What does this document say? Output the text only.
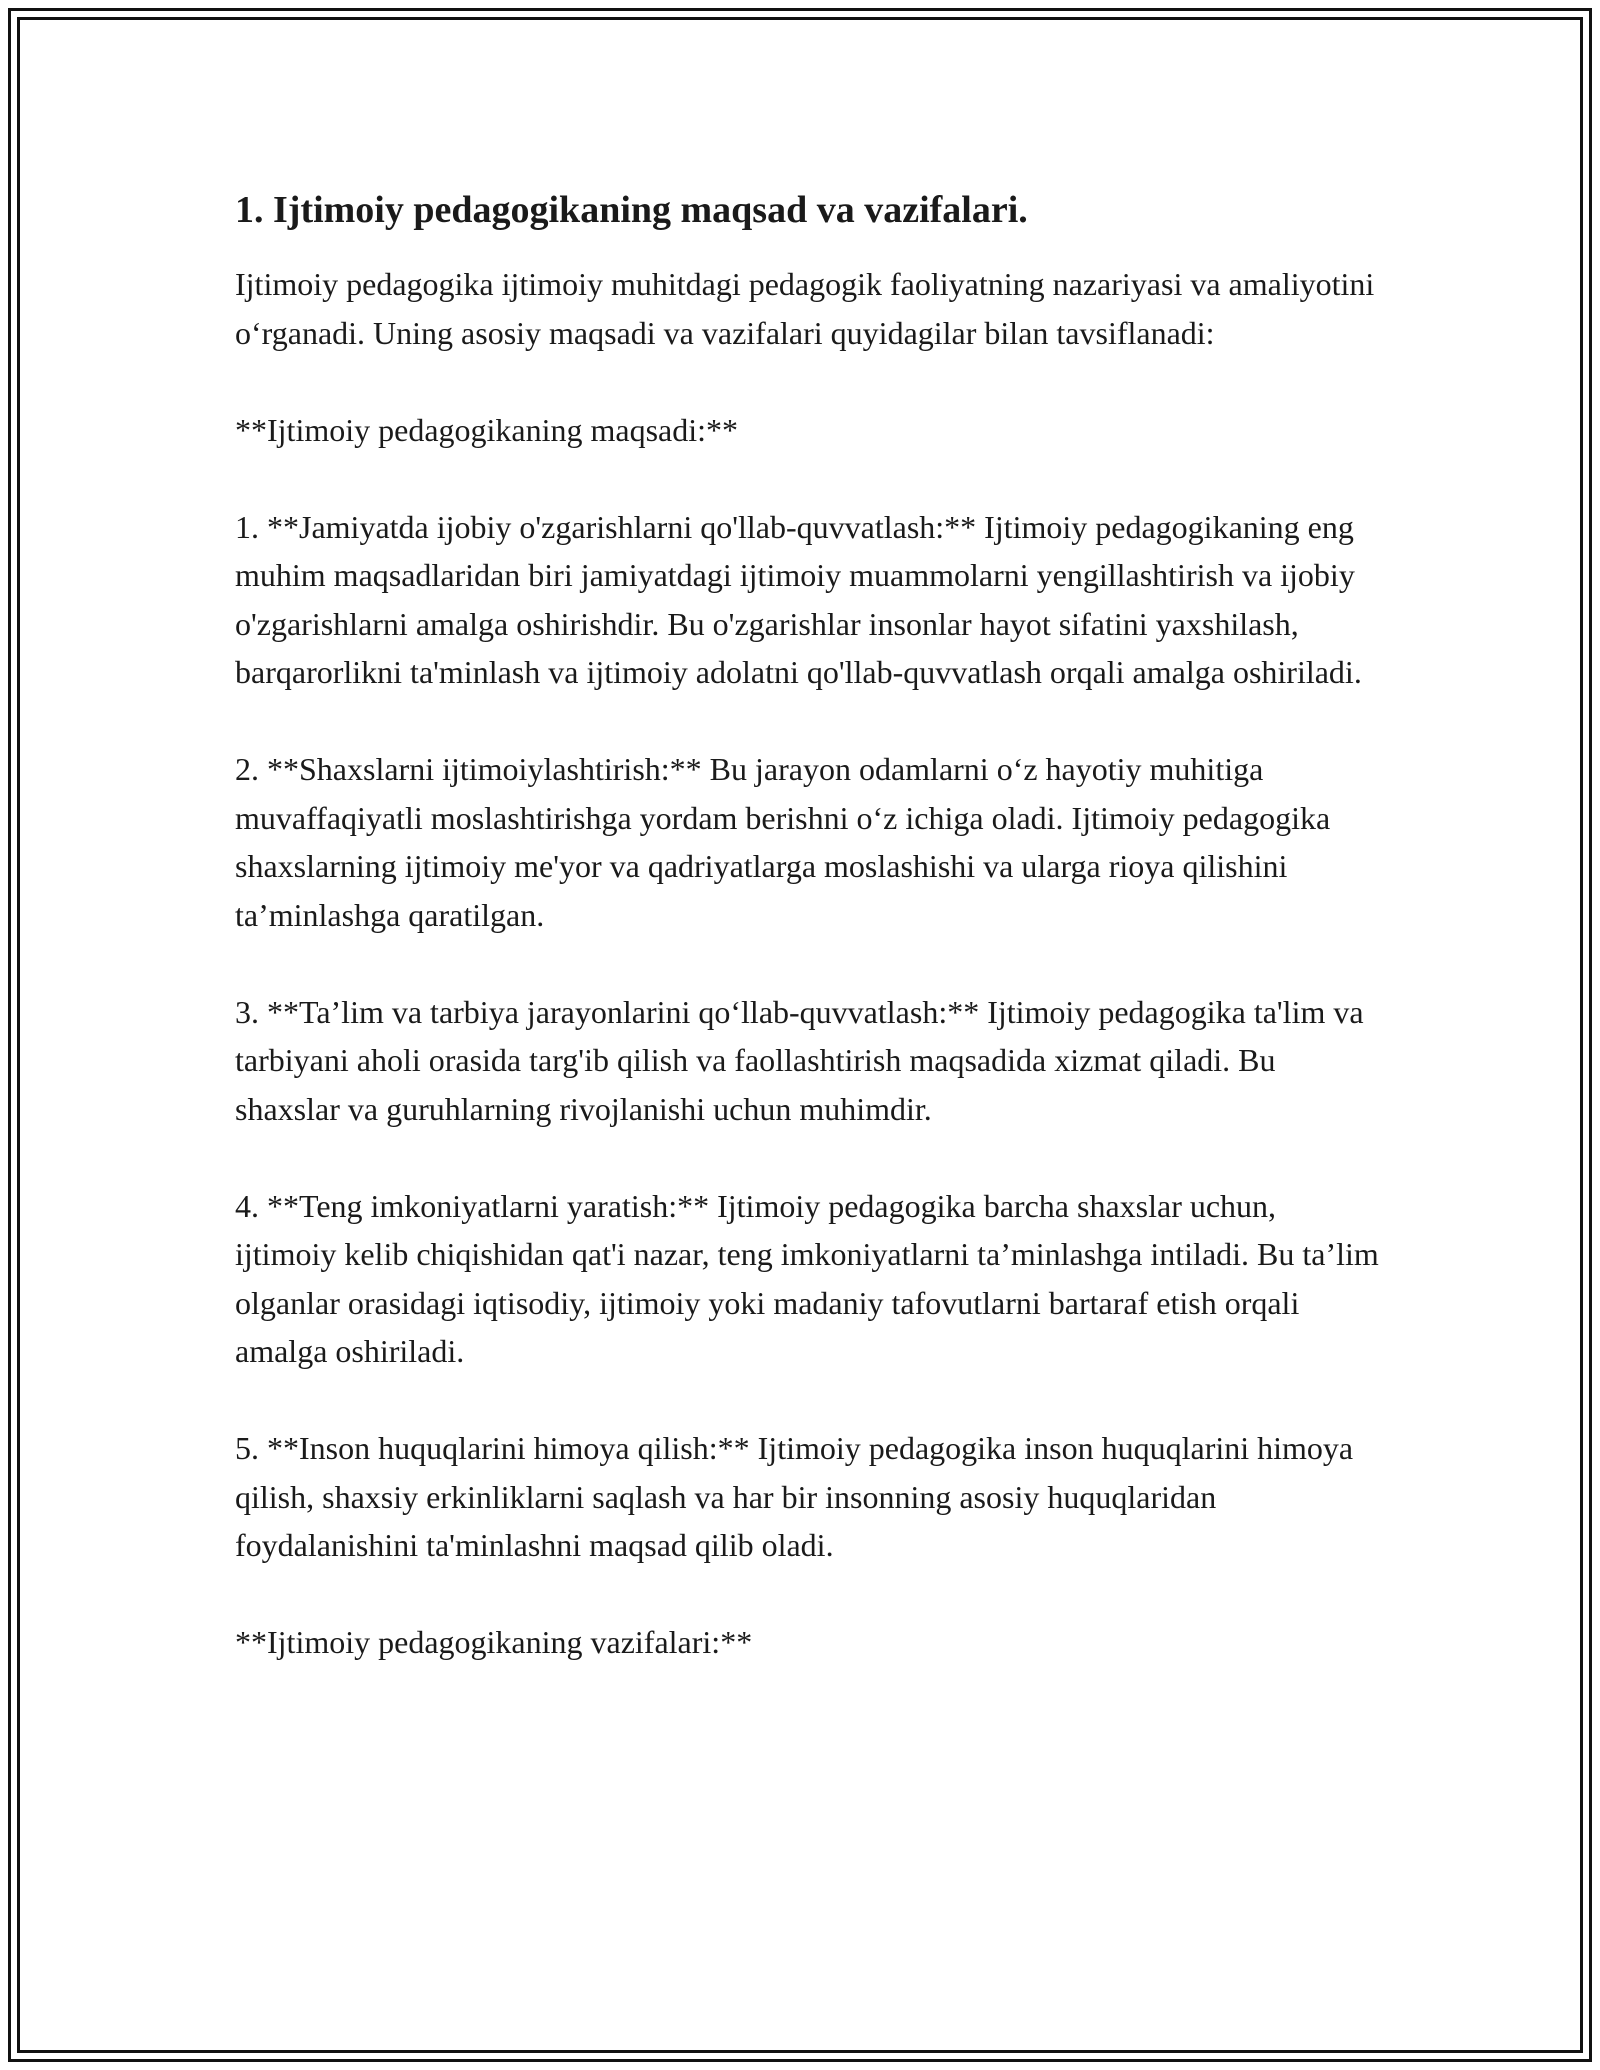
1. Ijtimoiy pedagogikaning maqsad va vazifalari.

Ijtimoiy pedagogika ijtimoiy muhitdagi pedagogik faoliyatning nazariyasi va amaliyotini o‘rganadi. Uning asosiy maqsadi va vazifalari quyidagilar bilan tavsiflanadi:

**Ijtimoiy pedagogikaning maqsadi:**

1. **Jamiyatda ijobiy o'zgarishlarni qo'llab-quvvatlash:** Ijtimoiy pedagogikaning eng muhim maqsadlaridan biri jamiyatdagi ijtimoiy muammolarni yengillashtirish va ijobiy o'zgarishlarni amalga oshirishdir. Bu o'zgarishlar insonlar hayot sifatini yaxshilash, barqarorlikni ta'minlash va ijtimoiy adolatni qo'llab-quvvatlash orqali amalga oshiriladi.

2. **Shaxslarni ijtimoiylashtirish:** Bu jarayon odamlarni o‘z hayotiy muhitiga muvaffaqiyatli moslashtirishga yordam berishni o‘z ichiga oladi. Ijtimoiy pedagogika shaxslarning ijtimoiy me'yor va qadriyatlarga moslashishi va ularga rioya qilishini ta’minlashga qaratilgan.

3. **Ta’lim va tarbiya jarayonlarini qo‘llab-quvvatlash:** Ijtimoiy pedagogika ta'lim va tarbiyani aholi orasida targ'ib qilish va faollashtirish maqsadida xizmat qiladi. Bu shaxslar va guruhlarning rivojlanishi uchun muhimdir.

4. **Teng imkoniyatlarni yaratish:** Ijtimoiy pedagogika barcha shaxslar uchun, ijtimoiy kelib chiqishidan qat'i nazar, teng imkoniyatlarni ta’minlashga intiladi. Bu ta’lim olganlar orasidagi iqtisodiy, ijtimoiy yoki madaniy tafovutlarni bartaraf etish orqali amalga oshiriladi.

5. **Inson huquqlarini himoya qilish:** Ijtimoiy pedagogika inson huquqlarini himoya qilish, shaxsiy erkinliklarni saqlash va har bir insonning asosiy huquqlaridan foydalanishini ta'minlashni maqsad qilib oladi.

**Ijtimoiy pedagogikaning vazifalari:**
